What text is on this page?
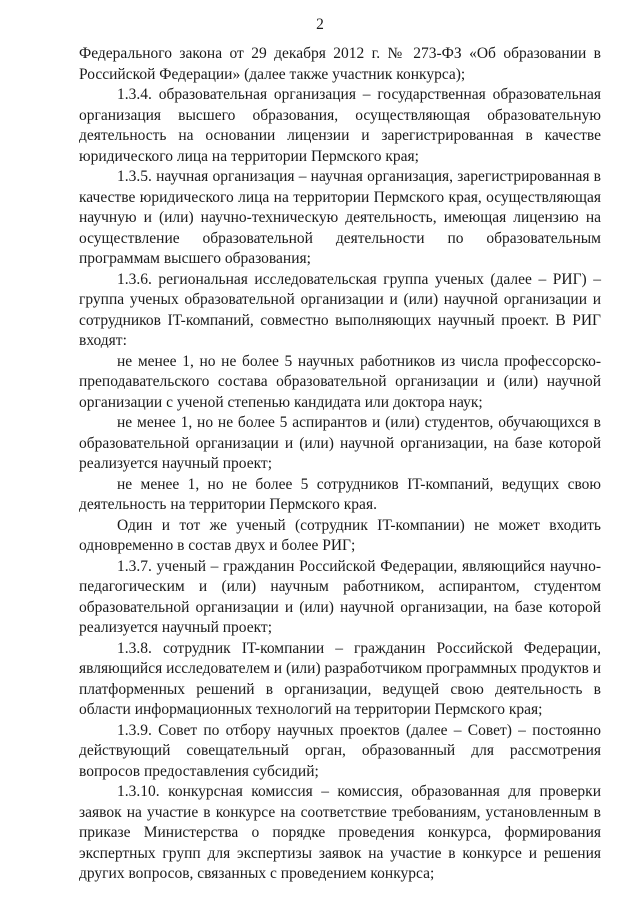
2

Федерального закона от 29 декабря 2012 г. № 273-ФЗ «Об образовании в Российской Федерации» (далее также участник конкурса);

1.3.4. образовательная организация – государственная образовательная организация высшего образования, осуществляющая образовательную деятельность на основании лицензии и зарегистрированная в качестве юридического лица на территории Пермского края;

1.3.5. научная организация – научная организация, зарегистрированная в качестве юридического лица на территории Пермского края, осуществляющая научную и (или) научно-техническую деятельность, имеющая лицензию на осуществление образовательной деятельности по образовательным программам высшего образования;

1.3.6. региональная исследовательская группа ученых (далее – РИГ) – группа ученых образовательной организации и (или) научной организации и сотрудников IT-компаний, совместно выполняющих научный проект. В РИГ входят:

не менее 1, но не более 5 научных работников из числа профессорско-преподавательского состава образовательной организации и (или) научной организации с ученой степенью кандидата или доктора наук;

не менее 1, но не более 5 аспирантов и (или) студентов, обучающихся в образовательной организации и (или) научной организации, на базе которой реализуется научный проект;

не менее 1, но не более 5 сотрудников IT-компаний, ведущих свою деятельность на территории Пермского края.

Один и тот же ученый (сотрудник IT-компании) не может входить одновременно в состав двух и более РИГ;

1.3.7. ученый – гражданин Российской Федерации, являющийся научно-педагогическим и (или) научным работником, аспирантом, студентом образовательной организации и (или) научной организации, на базе которой реализуется научный проект;

1.3.8. сотрудник IT-компании – гражданин Российской Федерации, являющийся исследователем и (или) разработчиком программных продуктов и платформенных решений в организации, ведущей свою деятельность в области информационных технологий на территории Пермского края;

1.3.9. Совет по отбору научных проектов (далее – Совет) – постоянно действующий совещательный орган, образованный для рассмотрения вопросов предоставления субсидий;

1.3.10. конкурсная комиссия – комиссия, образованная для проверки заявок на участие в конкурсе на соответствие требованиям, установленным в приказе Министерства о порядке проведения конкурса, формирования экспертных групп для экспертизы заявок на участие в конкурсе и решения других вопросов, связанных с проведением конкурса;
